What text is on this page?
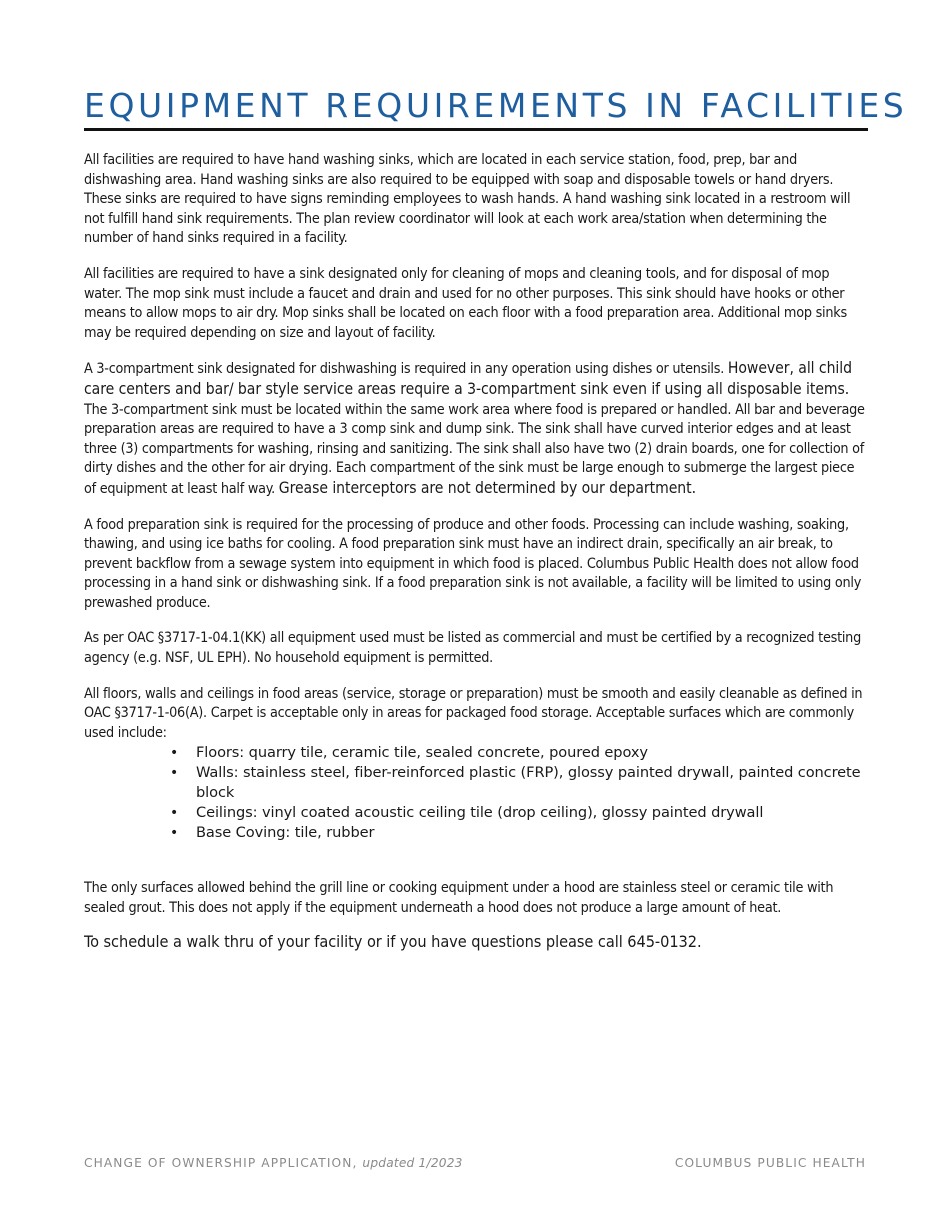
EQUIPMENT REQUIREMENTS IN FACILITIES

All facilities are required to have hand washing sinks, which are located in each service station, food, prep, bar and dishwashing area. Hand washing sinks are also required to be equipped with soap and disposable towels or hand dryers. These sinks are required to have signs reminding employees to wash hands. A hand washing sink located in a restroom will not fulfill hand sink requirements. The plan review coordinator will look at each work area/station when determining the number of hand sinks required in a facility.

All facilities are required to have a sink designated only for cleaning of mops and cleaning tools, and for disposal of mop water. The mop sink must include a faucet and drain and used for no other purposes. This sink should have hooks or other means to allow mops to air dry. Mop sinks shall be located on each floor with a food preparation area. Additional mop sinks may be required depending on size and layout of facility.

A 3-compartment sink designated for dishwashing is required in any operation using dishes or utensils. However, all child care centers and bar/ bar style service areas require a 3-compartment sink even if using all disposable items. The 3-compartment sink must be located within the same work area where food is prepared or handled. All bar and beverage preparation areas are required to have a 3 comp sink and dump sink. The sink shall have curved interior edges and at least three (3) compartments for washing, rinsing and sanitizing. The sink shall also have two (2) drain boards, one for collection of dirty dishes and the other for air drying. Each compartment of the sink must be large enough to submerge the largest piece of equipment at least half way. Grease interceptors are not determined by our department.

A food preparation sink is required for the processing of produce and other foods. Processing can include washing, soaking, thawing, and using ice baths for cooling. A food preparation sink must have an indirect drain, specifically an air break, to prevent backflow from a sewage system into equipment in which food is placed. Columbus Public Health does not allow food processing in a hand sink or dishwashing sink. If a food preparation sink is not available, a facility will be limited to using only prewashed produce.

As per OAC §3717-1-04.1(KK) all equipment used must be listed as commercial and must be certified by a recognized testing agency (e.g. NSF, UL EPH). No household equipment is permitted.

All floors, walls and ceilings in food areas (service, storage or preparation) must be smooth and easily cleanable as defined in OAC §3717-1-06(A). Carpet is acceptable only in areas for packaged food storage. Acceptable surfaces which are commonly used include:

• Floors: quarry tile, ceramic tile, sealed concrete, poured epoxy
• Walls: stainless steel, fiber-reinforced plastic (FRP), glossy painted drywall, painted concrete block
• Ceilings: vinyl coated acoustic ceiling tile (drop ceiling), glossy painted drywall
• Base Coving: tile, rubber

The only surfaces allowed behind the grill line or cooking equipment under a hood are stainless steel or ceramic tile with sealed grout. This does not apply if the equipment underneath a hood does not produce a large amount of heat.

To schedule a walk thru of your facility or if you have questions please call 645-0132.

CHANGE OF OWNERSHIP APPLICATION, updated 1/2023	COLUMBUS PUBLIC HEALTH
